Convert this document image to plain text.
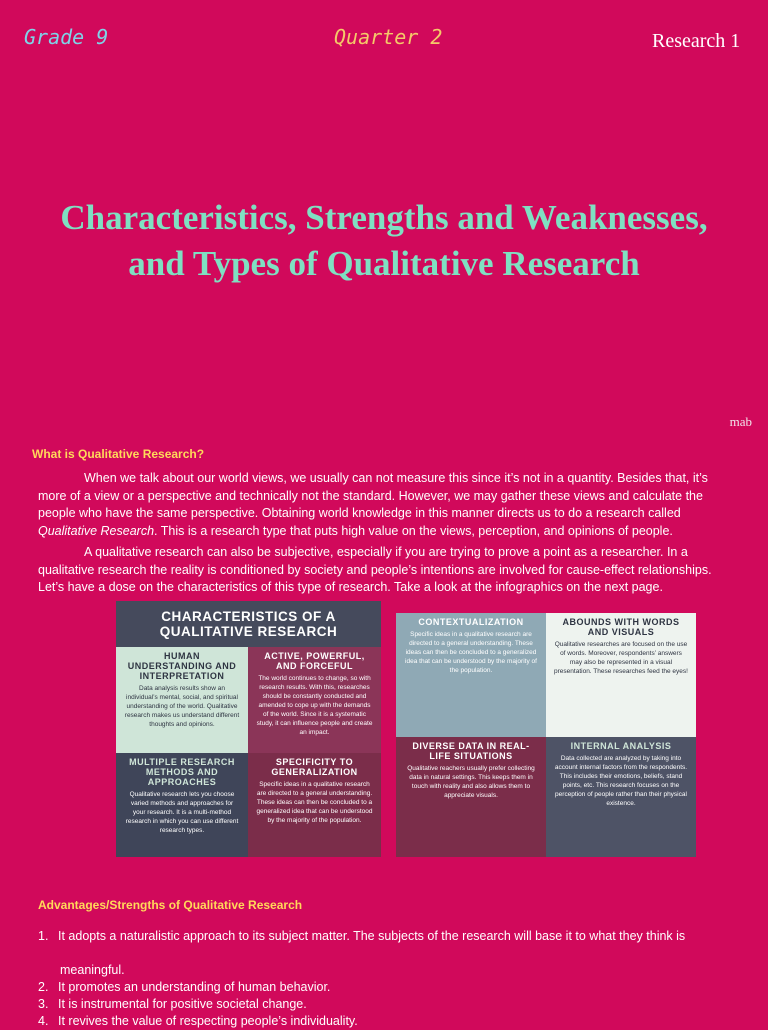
Grade 9	Quarter 2	Research 1
Characteristics, Strengths and Weaknesses, and Types of Qualitative Research
mab
What is Qualitative Research?
When we talk about our world views, we usually can not measure this since it’s not in a quantity. Besides that, it’s more of a view or a perspective and technically not the standard. However, we may gather these views and calculate the people who have the same perspective. Obtaining world knowledge in this manner directs us to do a research called Qualitative Research. This is a research type that puts high value on the views, perception, and opinions of people.
A qualitative research can also be subjective, especially if you are trying to prove a point as a researcher. In a qualitative research the reality is conditioned by society and people’s intentions are involved for cause-effect relationships. Let’s have a dose on the characteristics of this type of research. Take a look at the infographics on the next page.
CHARACTERISTICS OF A QUALITATIVE RESEARCH
HUMAN UNDERSTANDING AND INTERPRETATION
Data analysis results show an individual’s mental, social, and spiritual understanding of the world. Qualitative research makes us understand different thoughts and opinions.
ACTIVE, POWERFUL, AND FORCEFUL
The world continues to change, so with research results. With this, researches should be constantly conducted and amended to cope up with the demands of the world. Since it is a systematic study, it can influence people and create an impact.
MULTIPLE RESEARCH METHODS AND APPROACHES
Qualitative research lets you choose varied methods and approaches for your research. It is a multi-method research in which you can use different research types.
SPECIFICITY TO GENERALIZATION
Specific ideas in a qualitative research are directed to a general understanding. These ideas can then be concluded to a generalized idea that can be understood by the majority of the population.
CONTEXTUALIZATION
Specific ideas in a qualitative research are directed to a general understanding. These ideas can then be concluded to a generalized idea that can be understood by the majority of the population.
ABOUNDS WITH WORDS AND VISUALS
Qualitative researches are focused on the use of words. Moreover, respondents’ answers may also be represented in a visual presentation. These researches feed the eyes!
DIVERSE DATA IN REAL-LIFE SITUATIONS
Qualitative reachers usually prefer collecting data in natural settings. This keeps them in touch with reality and also allows them to appreciate visuals.
INTERNAL ANALYSIS
Data collected are analyzed by taking into account internal factors from the respondents. This includes their emotions, beliefs, stand points, etc. This research focuses on the perception of people rather than their physical existence.
Advantages/Strengths of Qualitative Research
1. It adopts a naturalistic approach to its subject matter. The subjects of the research will base it to what they think is
meaningful.
2. It promotes an understanding of human behavior.
3. It is instrumental for positive societal change.
4. It revives the value of respecting people’s individuality.
